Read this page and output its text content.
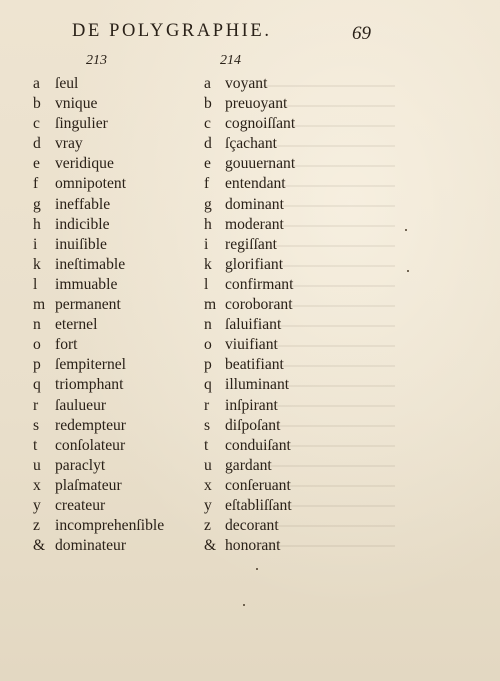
DE POLYGRAPHIE.	69
213	214
a ſeul
b vnique
c ſingulier
d vray
e veridique
f omnipotent
g ineffable
h indicible
i inuiſible
k ineſtimable
l immuable
m permanent
n eternel
o fort
p ſempiternel
q triomphant
r ſaulueur
s redempteur
t conſolateur
u paraclyt
x plaſmateur
y createur
z incomprehenſible
& dominateur
a voyant
b preuoyant
c cognoiſſant
d ſçachant
e gouuernant
f entendant
g dominant
h moderant
i regiſſant
k glorifiant
l confirmant
m coroborant
n ſaluifiant
o viuifiant
p beatifiant
q illuminant
r inſpirant
s diſpoſant
t conduiſant
u gardant
x conſeruant
y eſtabliſſant
z decorant
& honorant
